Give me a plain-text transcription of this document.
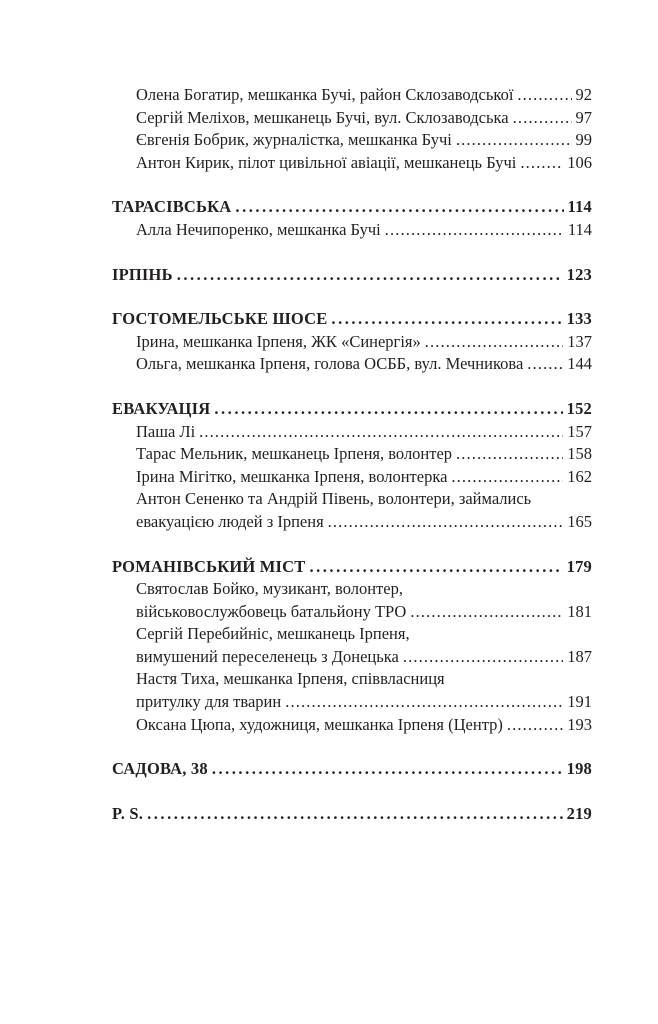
Олена Богатир, мешканка Бучі, район Склозаводської . . .	92
Сергій Меліхов, мешканець Бучі, вул. Склозаводська . . .	97
Євгенія Бобрик, журналістка, мешканка Бучі . . .	99
Антон Кирик, пілот цивільної авіації, мешканець Бучі . . .	106
ТАРАСІВСЬКА . . .	114
Алла Нечипоренко, мешканка Бучі . . .	114
ІРПІНЬ . . .	123
ГОСТОМЕЛЬСЬКЕ ШОСЕ . . .	133
Ірина, мешканка Ірпеня, ЖК «Синергія» . . .	137
Ольга, мешканка Ірпеня, голова ОСББ, вул. Мечникова . . .	144
ЕВАКУАЦІЯ . . .	152
Паша Лі . . .	157
Тарас Мельник, мешканець Ірпеня, волонтер . . .	158
Ірина Мігітко, мешканка Ірпеня, волонтерка . . .	162
Антон Сененко та Андрій Півень, волонтери, займались
евакуацією людей з Ірпеня . . .	165
РОМАНІВСЬКИЙ МІСТ . . .	179
Святослав Бойко, музикант, волонтер,
військовослужбовець батальйону ТРО . . .	181
Сергій Перебийніс, мешканець Ірпеня,
вимушений переселенець з Донецька . . .	187
Настя Тиха, мешканка Ірпеня, співвласниця
притулку для тварин . . .	191
Оксана Цюпа, художниця, мешканка Ірпеня (Центр) . . .	193
САДОВА, 38 . . .	198
P. S. . . .	219
